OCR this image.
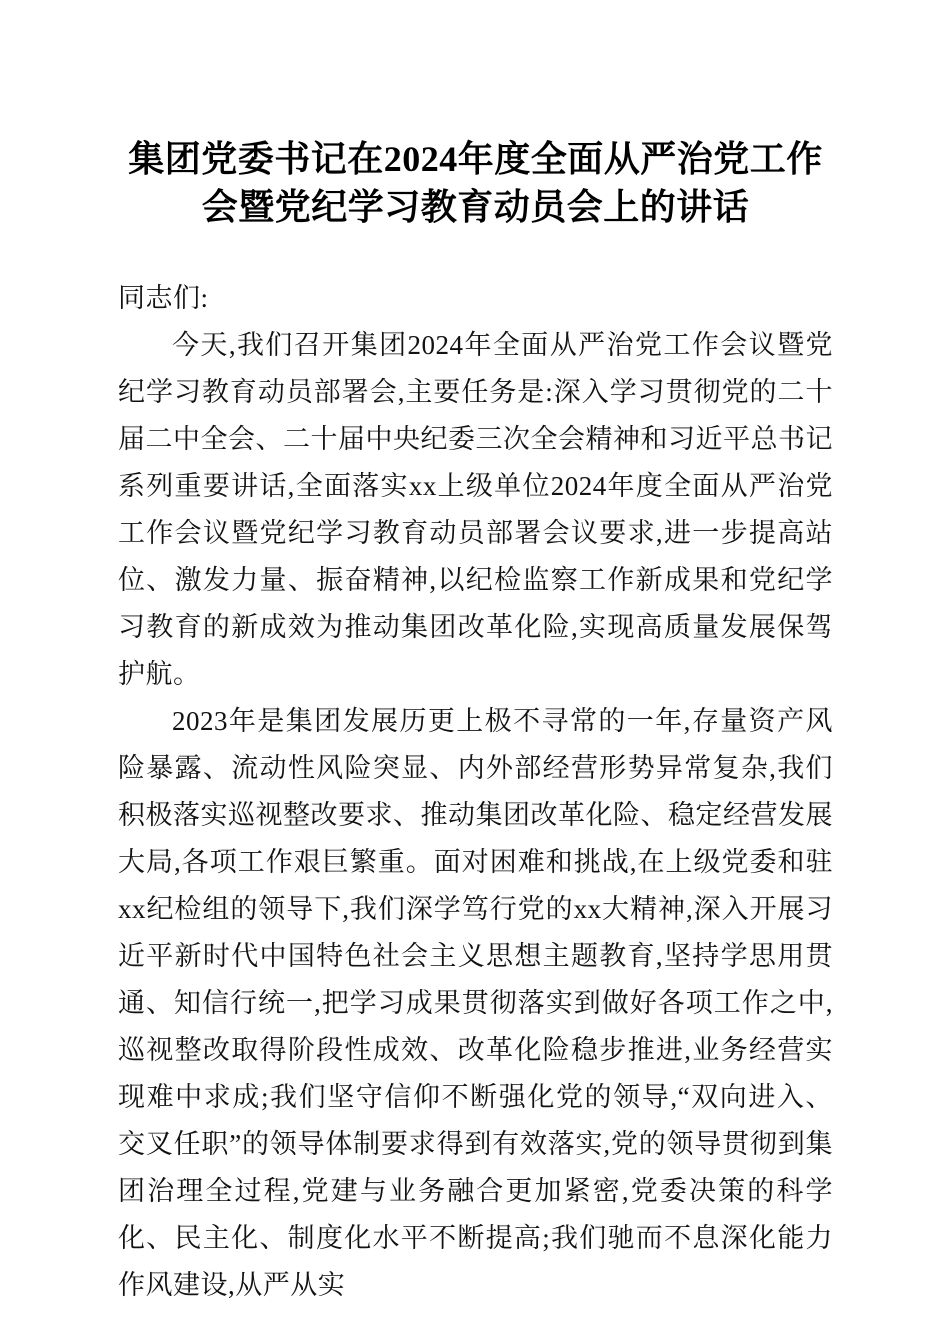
集团党委书记在2024年度全面从严治党工作会暨党纪学习教育动员会上的讲话

同志们:

今天,我们召开集团2024年全面从严治党工作会议暨党纪学习教育动员部署会,主要任务是:深入学习贯彻党的二十届二中全会、二十届中央纪委三次全会精神和习近平总书记系列重要讲话,全面落实xx上级单位2024年度全面从严治党工作会议暨党纪学习教育动员部署会议要求,进一步提高站位、激发力量、振奋精神,以纪检监察工作新成果和党纪学习教育的新成效为推动集团改革化险,实现高质量发展保驾护航。

2023年是集团发展历更上极不寻常的一年,存量资产风险暴露、流动性风险突显、内外部经营形势异常复杂,我们积极落实巡视整改要求、推动集团改革化险、稳定经营发展大局,各项工作艰巨繁重。面对困难和挑战,在上级党委和驻xx纪检组的领导下,我们深学笃行党的xx大精神,深入开展习近平新时代中国特色社会主义思想主题教育,坚持学思用贯通、知信行统一,把学习成果贯彻落实到做好各项工作之中,巡视整改取得阶段性成效、改革化险稳步推进,业务经营实现难中求成;我们坚守信仰不断强化党的领导,“双向进入、交叉任职”的领导体制要求得到有效落实,党的领导贯彻到集团治理全过程,党建与业务融合更加紧密,党委决策的科学化、民主化、制度化水平不断提高;我们驰而不息深化能力作风建设,从严从实
